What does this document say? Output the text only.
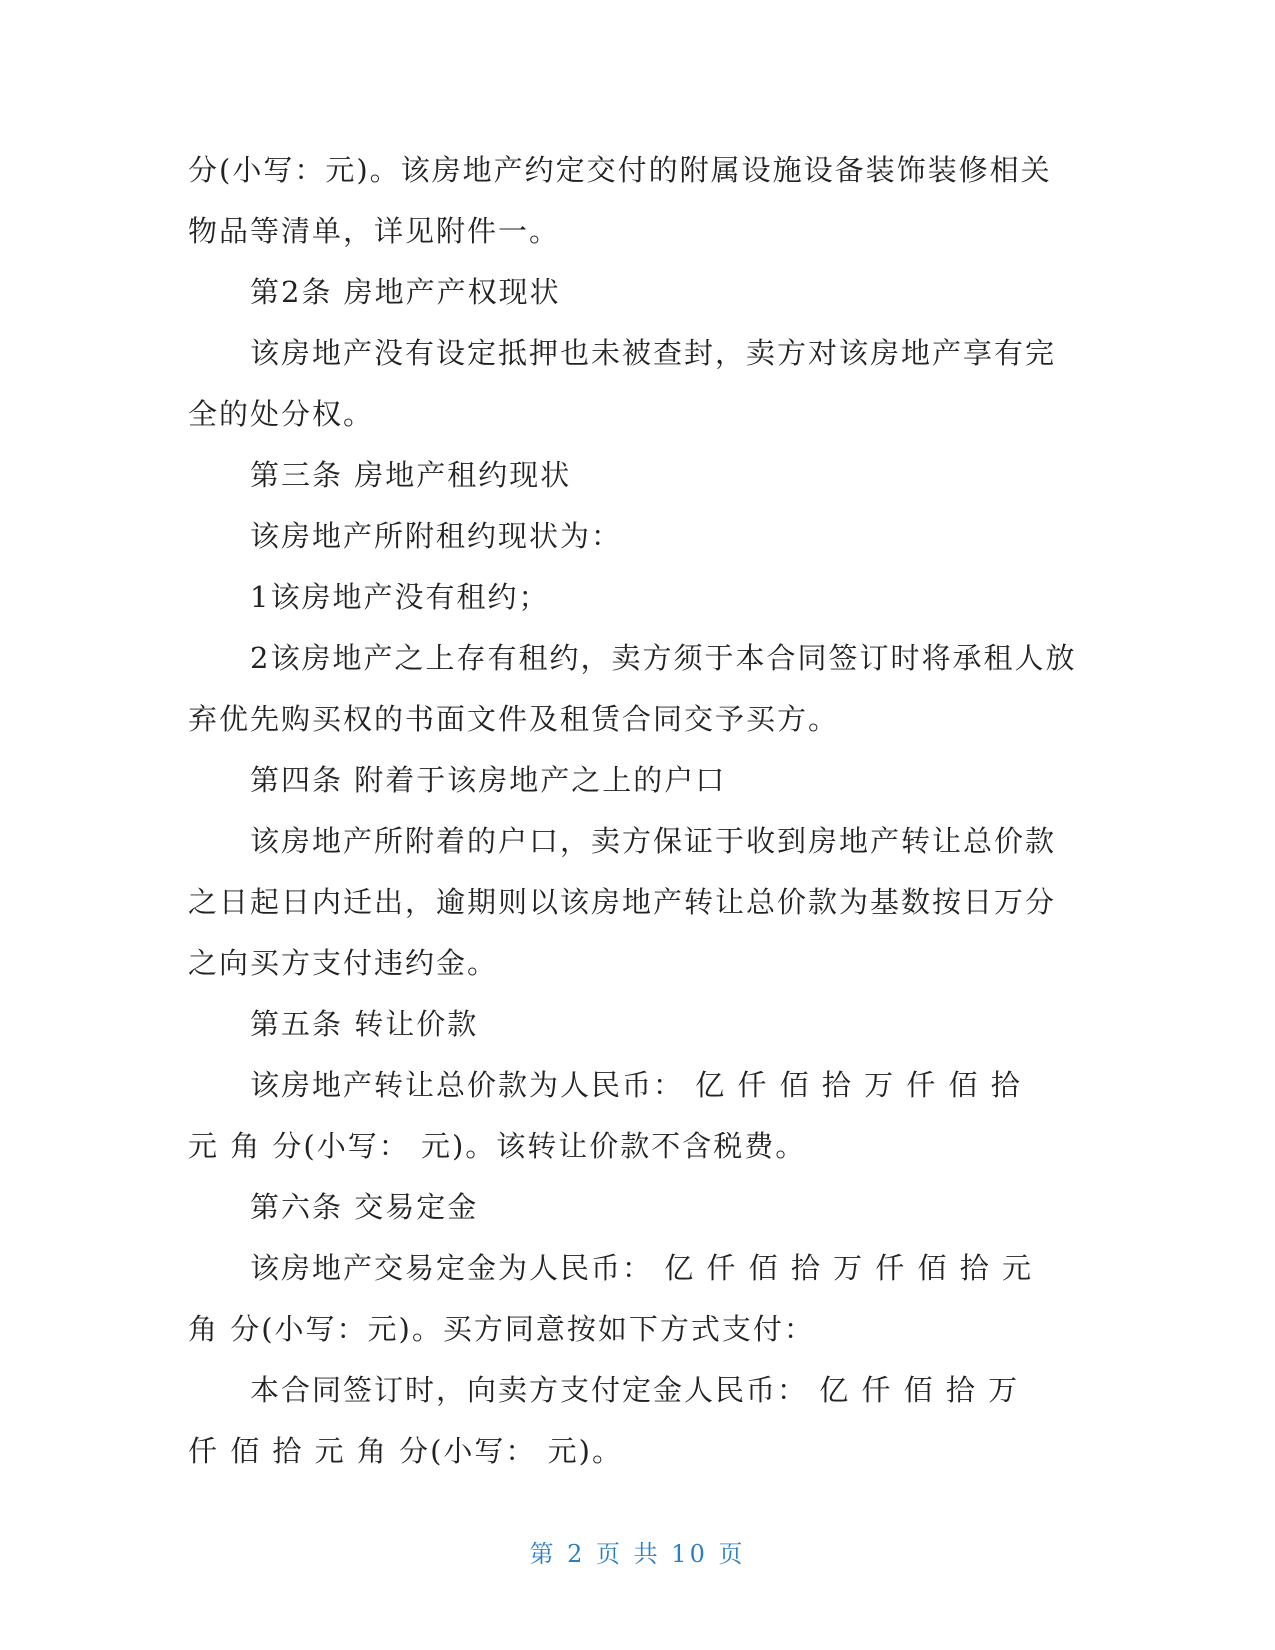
分(小写：元)。该房地产约定交付的附属设施设备装饰装修相关
物品等清单，详见附件一。
第2条 房地产产权现状
该房地产没有设定抵押也未被查封，卖方对该房地产享有完
全的处分权。
第三条 房地产租约现状
该房地产所附租约现状为：
1该房地产没有租约；
2该房地产之上存有租约，卖方须于本合同签订时将承租人放
弃优先购买权的书面文件及租赁合同交予买方。
第四条 附着于该房地产之上的户口
该房地产所附着的户口，卖方保证于收到房地产转让总价款
之日起日内迁出，逾期则以该房地产转让总价款为基数按日万分
之向买方支付违约金。
第五条 转让价款
该房地产转让总价款为人民币： 亿 仟 佰 拾 万 仟 佰 拾
元 角 分(小写： 元)。该转让价款不含税费。
第六条 交易定金
该房地产交易定金为人民币： 亿 仟 佰 拾 万 仟 佰 拾 元
角 分(小写：元)。买方同意按如下方式支付：
本合同签订时，向卖方支付定金人民币： 亿 仟 佰 拾 万
仟 佰 拾 元 角 分(小写： 元)。
第 2 页 共 10 页
